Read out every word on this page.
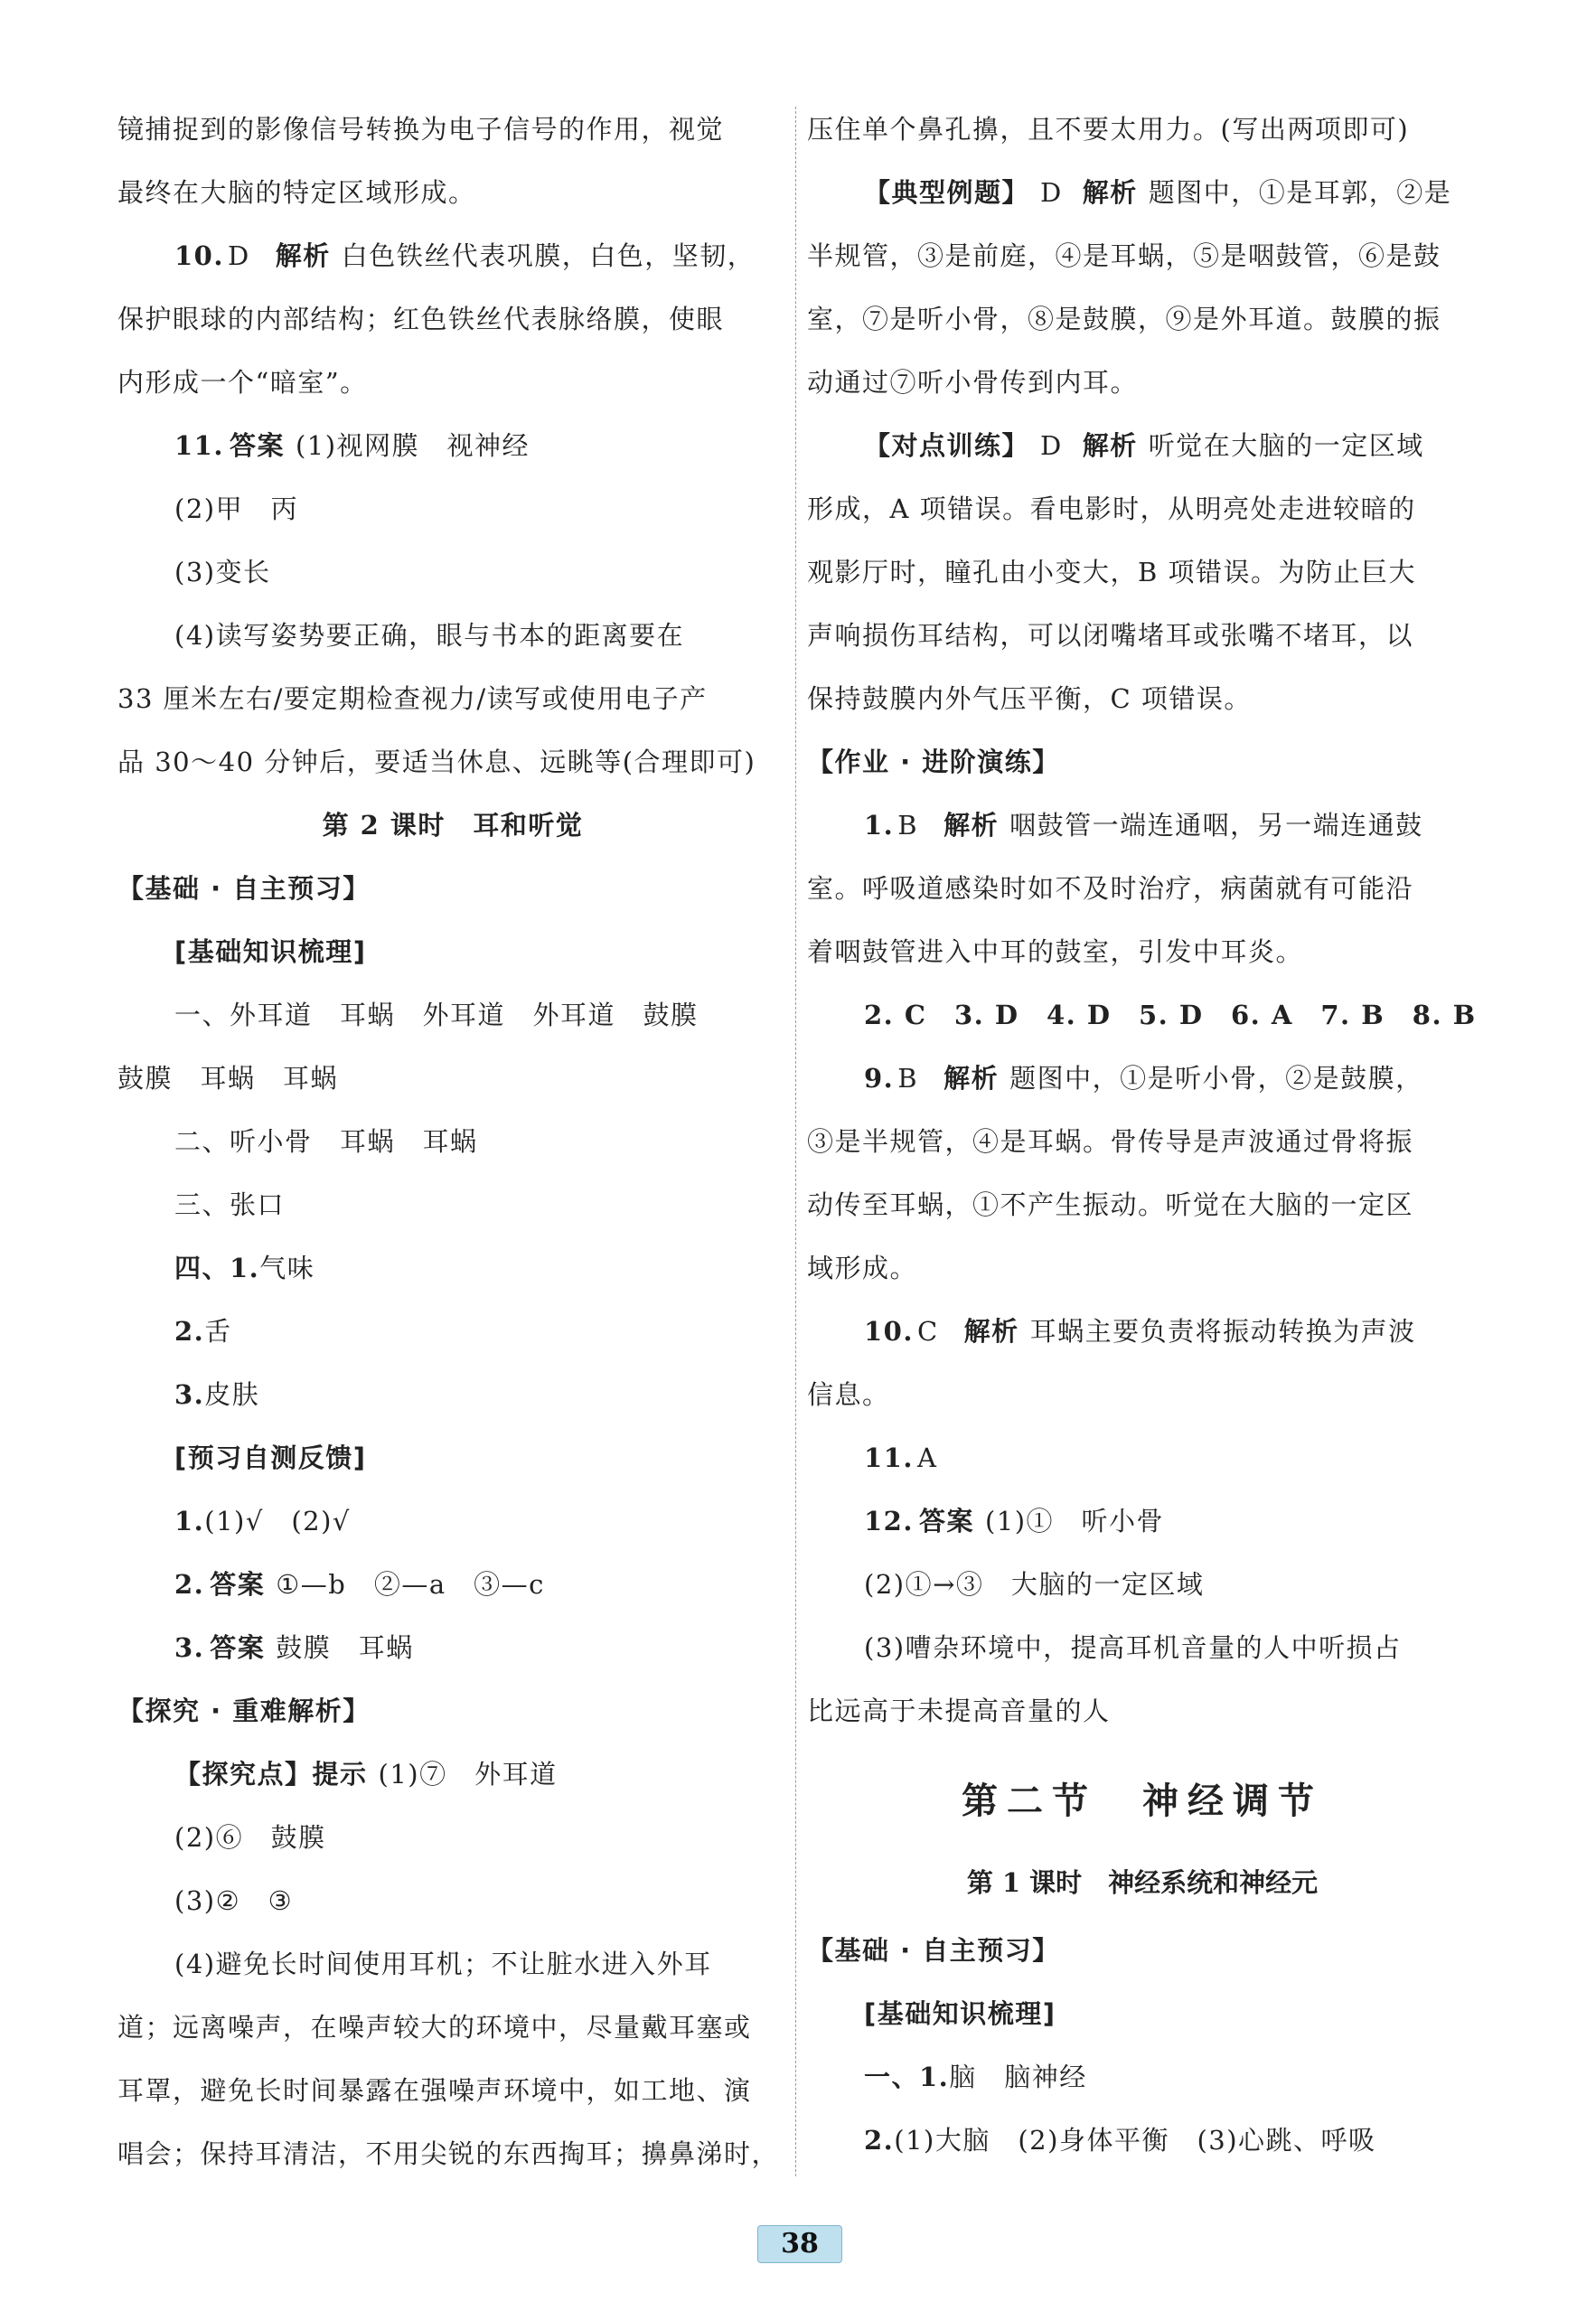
镜捕捉到的影像信号转换为电子信号的作用，视觉
最终在大脑的特定区域形成。
10. D 解析 白色铁丝代表巩膜，白色，坚韧，
保护眼球的内部结构；红色铁丝代表脉络膜，使眼
内形成一个“暗室”。
11. 答案 (1)视网膜　视神经
(2)甲　丙
(3)变长
(4)读写姿势要正确，眼与书本的距离要在
33 厘米左右/要定期检查视力/读写或使用电子产
品 30～40 分钟后，要适当休息、远眺等(合理即可)
第 2 课时　耳和听觉
【基础 · 自主预习】
[基础知识梳理]
一、外耳道　耳蜗　外耳道　外耳道　鼓膜
鼓膜　耳蜗　耳蜗
二、听小骨　耳蜗　耳蜗
三、张口
四、1.气味
2.舌
3.皮肤
[预习自测反馈]
1.(1)√　(2)√
2. 答案 ①—b　②—a　③—c
3. 答案 鼓膜　耳蜗
【探究 · 重难解析】
【探究点】提示 (1)⑦　外耳道
(2)⑥　鼓膜
(3)②　③
(4)避免长时间使用耳机；不让脏水进入外耳
道；远离噪声，在噪声较大的环境中，尽量戴耳塞或
耳罩，避免长时间暴露在强噪声环境中，如工地、演
唱会；保持耳清洁，不用尖锐的东西掏耳；擤鼻涕时，
压住单个鼻孔擤，且不要太用力。(写出两项即可)
【典型例题】 D 解析 题图中，①是耳郭，②是
半规管，③是前庭，④是耳蜗，⑤是咽鼓管，⑥是鼓
室，⑦是听小骨，⑧是鼓膜，⑨是外耳道。鼓膜的振
动通过⑦听小骨传到内耳。
【对点训练】 D 解析 听觉在大脑的一定区域
形成，A 项错误。看电影时，从明亮处走进较暗的
观影厅时，瞳孔由小变大，B 项错误。为防止巨大
声响损伤耳结构，可以闭嘴堵耳或张嘴不堵耳，以
保持鼓膜内外气压平衡，C 项错误。
【作业 · 进阶演练】
1. B 解析 咽鼓管一端连通咽，另一端连通鼓
室。呼吸道感染时如不及时治疗，病菌就有可能沿
着咽鼓管进入中耳的鼓室，引发中耳炎。
2. C　3. D　4. D　5. D　6. A　7. B　8. B
9. B 解析 题图中，①是听小骨，②是鼓膜，
③是半规管，④是耳蜗。骨传导是声波通过骨将振
动传至耳蜗，①不产生振动。听觉在大脑的一定区
域形成。
10. C 解析 耳蜗主要负责将振动转换为声波
信息。
11. A
12. 答案 (1)①　听小骨
(2)①→③　大脑的一定区域
(3)嘈杂环境中，提高耳机音量的人中听损占
比远高于未提高音量的人
第二节　神经调节
第 1 课时　神经系统和神经元
【基础 · 自主预习】
[基础知识梳理]
一、1.脑　脑神经
2.(1)大脑　(2)身体平衡　(3)心跳、呼吸
38
